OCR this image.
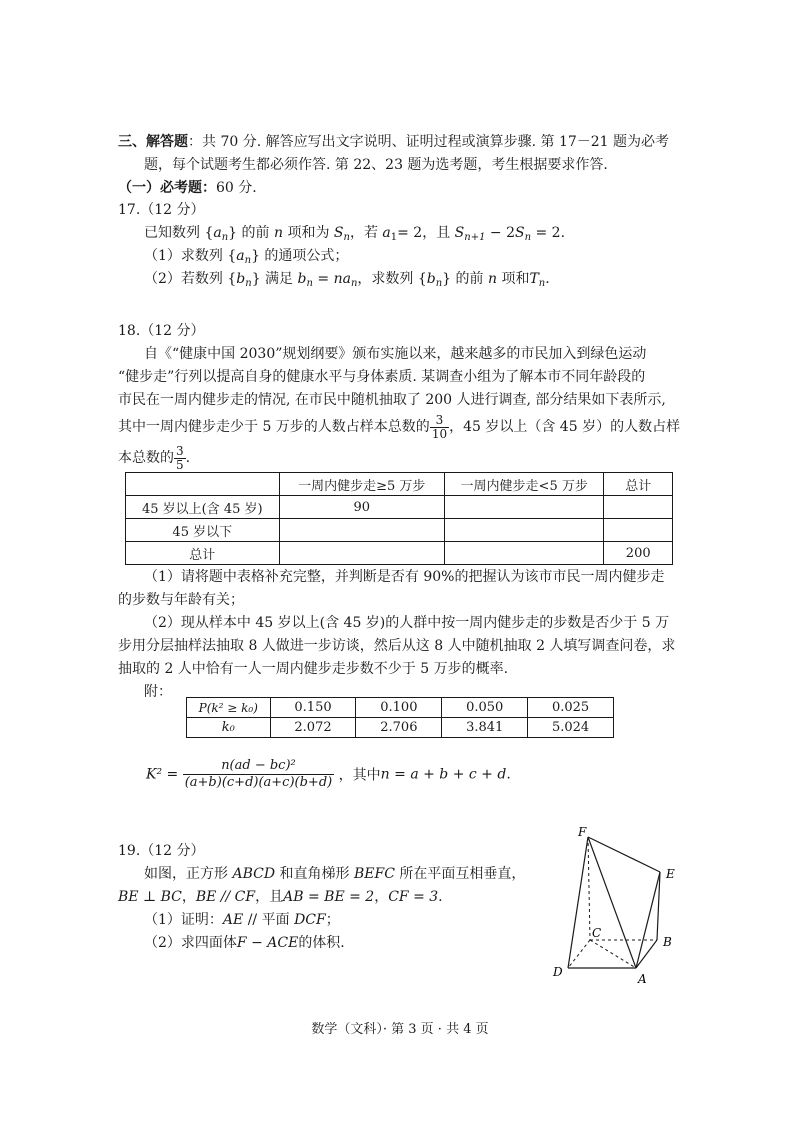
三、解答题：共 70 分. 解答应写出文字说明、证明过程或演算步骤. 第 17－21 题为必考
题，每个试题考生都必须作答. 第 22、23 题为选考题，考生根据要求作答.
（一）必考题：60 分.
17.（12 分）
已知数列 $\{a_n\}$ 的前 n 项和为 $S_n$，若 $a_1= 2$，且 $S_{n+1} - 2S_n = 2$.
（1）求数列 $\{a_n\}$ 的通项公式；
（2）若数列 $\{b_n\}$ 满足 $b_n = na_n$，求数列 $\{b_n\}$ 的前 n 项和$T_n$.
18.（12 分）
自《“健康中国 2030”规划纲要》颁布实施以来，越来越多的市民加入到绿色运动
“健步走”行列以提高自身的健康水平与身体素质. 某调查小组为了解本市不同年龄段的
市民在一周内健步走的情况, 在市民中随机抽取了 200 人进行调查, 部分结果如下表所示,
其中一周内健步走少于 5 万步的人数占样本总数的 $\frac{3}{10}$ ，45 岁以上（含 45 岁）的人数占样
本总数的 $\frac{3}{5}$ .
	一周内健步走≥5 万步	一周内健步走<5 万步	总计
45 岁以上(含 45 岁)	90		
45 岁以下			
总计			200
（1）请将题中表格补充完整，并判断是否有 90%的把握认为该市市民一周内健步走
的步数与年龄有关；
（2）现从样本中 45 岁以上(含 45 岁)的人群中按一周内健步走的步数是否少于 5 万
步用分层抽样法抽取 8 人做进一步访谈，然后从这 8 人中随机抽取 2 人填写调查问卷，求
抽取的 2 人中恰有一人一周内健步走步数不少于 5 万步的概率.
附：
P(k² ≥ k₀)	0.150	0.100	0.050	0.025
k₀	2.072	2.706	3.841	5.024
$K^2 = \frac{\text{n(ad − bc)²}}{(a+b)(c+d)(a+c)(b+d)}$ ，其中n = a + b + c + d.
19.（12 分）
如图，正方形 ABCD 和直角梯形 BEFC 所在平面互相垂直，
BE ⊥ BC，BE // CF，且AB = BE = 2，CF = 3.
（1）证明：AE // 平面 DCF；
（2）求四面体F − ACE的体积.
F
E
C
B
D	A
数学（文科）· 第 3 页 · 共 4 页
